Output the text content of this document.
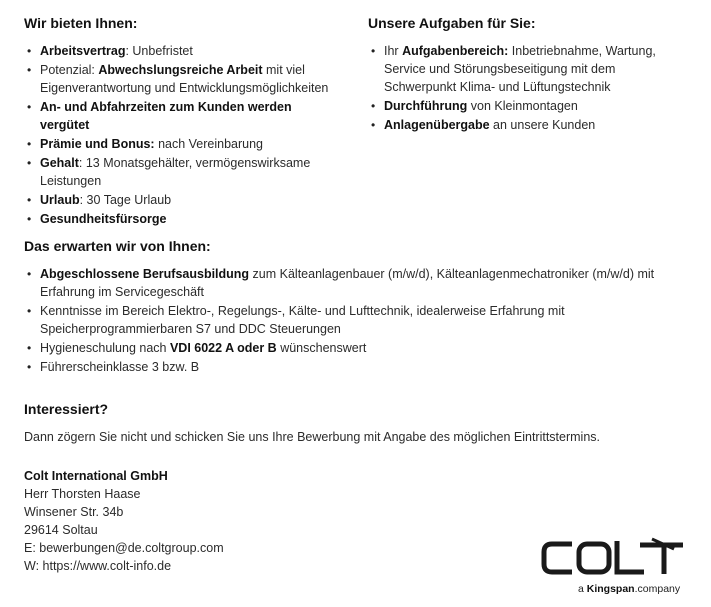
Wir bieten Ihnen:
• Arbeitsvertrag: Unbefristet
• Potenzial: Abwechslungsreiche Arbeit mit viel Eigenverantwortung und Entwicklungsmöglichkeiten
• An- und Abfahrzeiten zum Kunden werden vergütet
• Prämie und Bonus: nach Vereinbarung
• Gehalt: 13 Monatsgehälter, vermögenswirksame Leistungen
• Urlaub: 30 Tage Urlaub
• Gesundheitsfürsorge
Unsere Aufgaben für Sie:
• Ihr Aufgabenbereich: Inbetriebnahme, Wartung, Service und Störungsbeseitigung mit dem Schwerpunkt Klima- und Lüftungstechnik
• Durchführung von Kleinmontagen
• Anlagenübergabe an unsere Kunden
Das erwarten wir von Ihnen:
• Abgeschlossene Berufsausbildung zum Kälteanlagenbauer (m/w/d), Kälteanlagenmechatroniker (m/w/d) mit Erfahrung im Servicegeschäft
• Kenntnisse im Bereich Elektro-, Regelungs-, Kälte- und Lufttechnik, idealerweise Erfahrung mit Speicherprogrammierbaren S7 und DDC Steuerungen
• Hygieneschulung nach VDI 6022 A oder B wünschenswert
• Führerscheinklasse 3 bzw. B
Interessiert?
Dann zögern Sie nicht und schicken Sie uns Ihre Bewerbung mit Angabe des möglichen Eintrittstermins.
Colt International GmbH
Herr Thorsten Haase
Winsener Str. 34b
29614 Soltau
E: bewerbungen@de.coltgroup.com
W: https://www.colt-info.de
a Kingspan.company
